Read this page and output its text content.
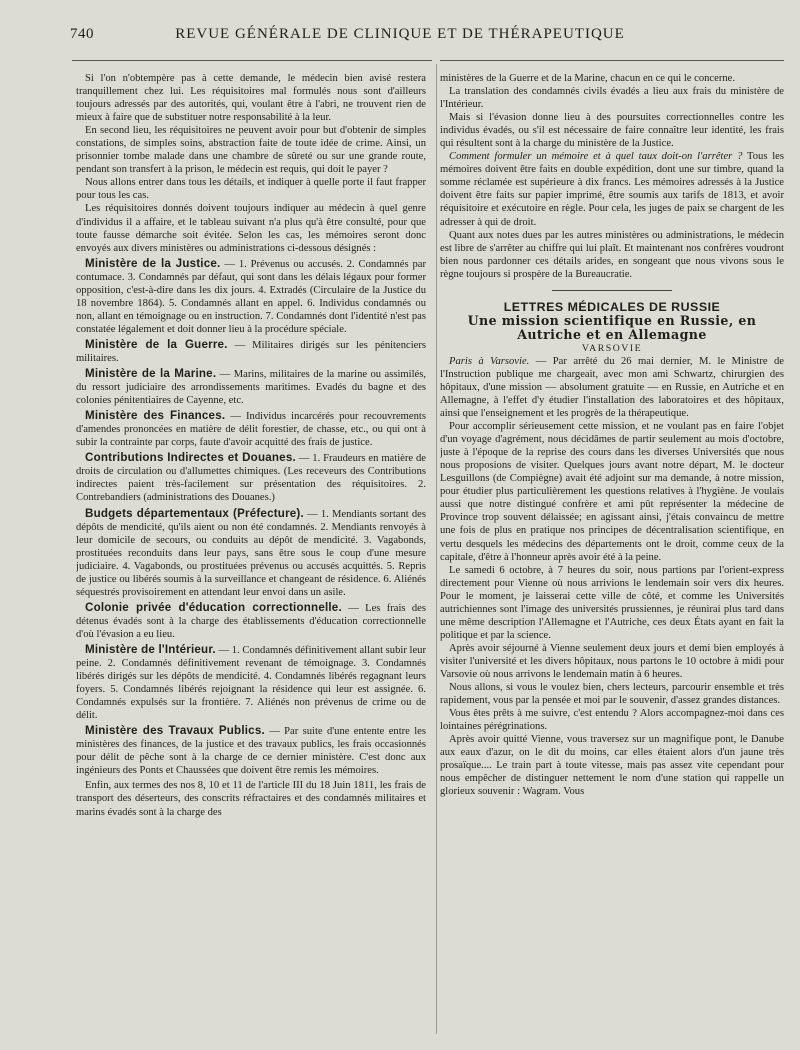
740	REVUE GÉNÉRALE DE CLINIQUE ET DE THÉRAPEUTIQUE

Si l'on n'obtempère pas à cette demande, le médecin bien avisé restera tranquillement chez lui. Les réquisitoires mal formulés nous sont d'ailleurs toujours adressés par des autorités, qui, voulant être à l'abri, ne trouvent rien de mieux à faire que de substituer notre responsabilité à la leur.

En second lieu, les réquisitoires ne peuvent avoir pour but d'obtenir de simples constations, de simples soins, abstraction faite de toute idée de crime. Ainsi, un prisonnier tombe malade dans une chambre de sûreté ou sur une grande route, pendant son transfert à la prison, le médecin est requis, qui doit le payer ?

Nous allons entrer dans tous les détails, et indiquer à quelle porte il faut frapper pour tous les cas.

Les réquisitoires donnés doivent toujours indiquer au médecin à quel genre d'individus il a affaire, et le tableau suivant n'a plus qu'à être consulté, pour que toute fausse démarche soit évitée. Selon les cas, les mémoires seront donc envoyés aux divers ministères ou administrations ci-dessous désignés :

Ministère de la Justice. — 1. Prévenus ou accusés. 2. Condamnés par contumace. 3. Condamnés par défaut, qui sont dans les délais légaux pour former opposition, c'est-à-dire dans les dix jours. 4. Extradés (Circulaire de la Justice du 18 novembre 1864). 5. Condamnés allant en appel. 6. Individus condamnés ou non, allant en témoignage ou en instruction. 7. Condamnés dont l'identité n'est pas constatée légalement et doit donner lieu à la procédure spéciale.

Ministère de la Guerre. — Militaires dirigés sur les pénitenciers militaires.

Ministère de la Marine. — Marins, militaires de la marine ou assimilés, du ressort judiciaire des arrondissements maritimes. Evadés du bagne et des colonies pénitentiaires de Cayenne, etc.

Ministère des Finances. — Individus incarcérés pour recouvrements d'amendes prononcées en matière de délit forestier, de chasse, etc., ou qui ont à subir la contrainte par corps, faute d'avoir acquitté des frais de justice.

Contributions Indirectes et Douanes. — 1. Fraudeurs en matière de droits de circulation ou d'allumettes chimiques. (Les receveurs des Contributions indirectes paient très-facilement sur présentation des réquisitoires. 2. Contrebandiers (administrations des Douanes.)

Budgets départementaux (Préfecture). — 1. Mendiants sortant des dépôts de mendicité, qu'ils aient ou non été condamnés. 2. Mendiants renvoyés à leur domicile de secours, ou conduits au dépôt de mendicité. 3. Vagabonds, prostituées reconduits dans leur pays, sans être sous le coup d'une mesure judiciaire. 4. Vagabonds, ou prostituées prévenus ou accusés acquittés. 5. Repris de justice ou libérés soumis à la surveillance et changeant de résidence. 6. Aliénés séquestrés provisoirement en attendant leur envoi dans un asile.

Colonie privée d'éducation correctionnelle. — Les frais des détenus évadés sont à la charge des établissements d'éducation correctionnelle d'où l'évasion a eu lieu.

Ministère de l'Intérieur. — 1. Condamnés définitivement allant subir leur peine. 2. Condamnés définitivement revenant de témoignage. 3. Condamnés libérés dirigés sur les dépôts de mendicité. 4. Condamnés libérés regagnant leurs foyers. 5. Condamnés libérés rejoignant la résidence qui leur est assignée. 6. Condamnés expulsés sur la frontière. 7. Aliénés non prévenus de crime ou de délit.

Ministère des Travaux Publics. — Par suite d'une entente entre les ministères des finances, de la justice et des travaux publics, les frais occasionnés pour délit de pêche sont à la charge de ce dernier ministère. C'est donc aux ingénieurs des Ponts et Chaussées que doivent être remis les mémoires.

Enfin, aux termes des nos 8, 10 et 11 de l'article III du 18 Juin 1811, les frais de transport des déserteurs, des conscrits réfractaires et des condamnés militaires et marins évadés sont à la charge des

ministères de la Guerre et de la Marine, chacun en ce qui le concerne.

La translation des condamnés civils évadés a lieu aux frais du ministère de l'Intérieur.

Mais si l'évasion donne lieu à des poursuites correctionnelles contre les individus évadés, ou s'il est nécessaire de faire connaître leur identité, les frais qui résultent sont à la charge du ministère de la Justice.

Comment formuler un mémoire et à quel taux doit-on l'arrêter ? Tous les mémoires doivent être faits en double expédition, dont une sur timbre, quand la somme réclamée est supérieure à dix francs. Les mémoires adressés à la Justice doivent être faits sur papier imprimé, être soumis aux tarifs de 1813, et avoir réquisitoire et exécutoire en règle. Pour cela, les juges de paix se chargent de les adresser à qui de droit.

Quant aux notes dues par les autres ministères ou administrations, le médecin est libre de s'arrêter au chiffre qui lui plaît. Et maintenant nos confrères voudront bien nous pardonner ces détails arides, en songeant que nous vivons sous le règne toujours si prospère de la Bureaucratie.

LETTRES MÉDICALES DE RUSSIE

Une mission scientifique en Russie, en Autriche et en Allemagne

VARSOVIE

Paris à Varsovie. — Par arrêté du 26 mai dernier, M. le Ministre de l'Instruction publique me chargeait, avec mon ami Schwartz, chirurgien des hôpitaux, d'une mission — absolument gratuite — en Russie, en Autriche et en Allemagne, à l'effet d'y étudier l'installation des laboratoires et des hôpitaux, ainsi que l'enseignement et les progrès de la thérapeutique.

Pour accomplir sérieusement cette mission, et ne voulant pas en faire l'objet d'un voyage d'agrément, nous décidâmes de partir seulement au mois d'octobre, juste à l'époque de la reprise des cours dans les diverses Universités que nous nous proposions de visiter. Quelques jours avant notre départ, M. le docteur Lesguillons (de Compiègne) avait été adjoint sur ma demande, à notre mission, pour étudier plus particulièrement les questions relatives à l'hygiène. Je voulais aussi que notre distingué confrère et ami pût représenter la médecine de Province trop souvent délaissée; en agissant ainsi, j'étais convaincu de mettre une fois de plus en pratique nos principes de décentralisation scientifique, en vertu desquels les médecins des départements ont le droit, comme ceux de la capitale, d'être à l'honneur après avoir été à la peine.

Le samedi 6 octobre, à 7 heures du soir, nous partions par l'orient-express directement pour Vienne où nous arrivions le lendemain soir vers dix heures. Pour le moment, je laisserai cette ville de côté, et comme les Universités autrichiennes sont l'image des universités prussiennes, je réunirai plus tard dans une même description l'Allemagne et l'Autriche, ces deux États ayant en fait la politique et par la science.

Après avoir séjourné à Vienne seulement deux jours et demi bien employés à visiter l'université et les divers hôpitaux, nous partons le 10 octobre à midi pour Varsovie où nous arrivons le lendemain matin à 6 heures.

Nous allons, si vous le voulez bien, chers lecteurs, parcourir ensemble et très rapidement, vous par la pensée et moi par le souvenir, d'assez grandes distances.

Vous êtes prêts à me suivre, c'est entendu ? Alors accompagnez-moi dans ces lointaines pérégrinations.

Après avoir quitté Vienne, vous traversez sur un magnifique pont, le Danube aux eaux d'azur, on le dit du moins, car elles étaient alors d'un jaune très prosaïque.... Le train part à toute vitesse, mais pas assez vite cependant pour nous empêcher de distinguer nettement le nom d'une station qui rappelle un glorieux souvenir : Wagram. Vous
